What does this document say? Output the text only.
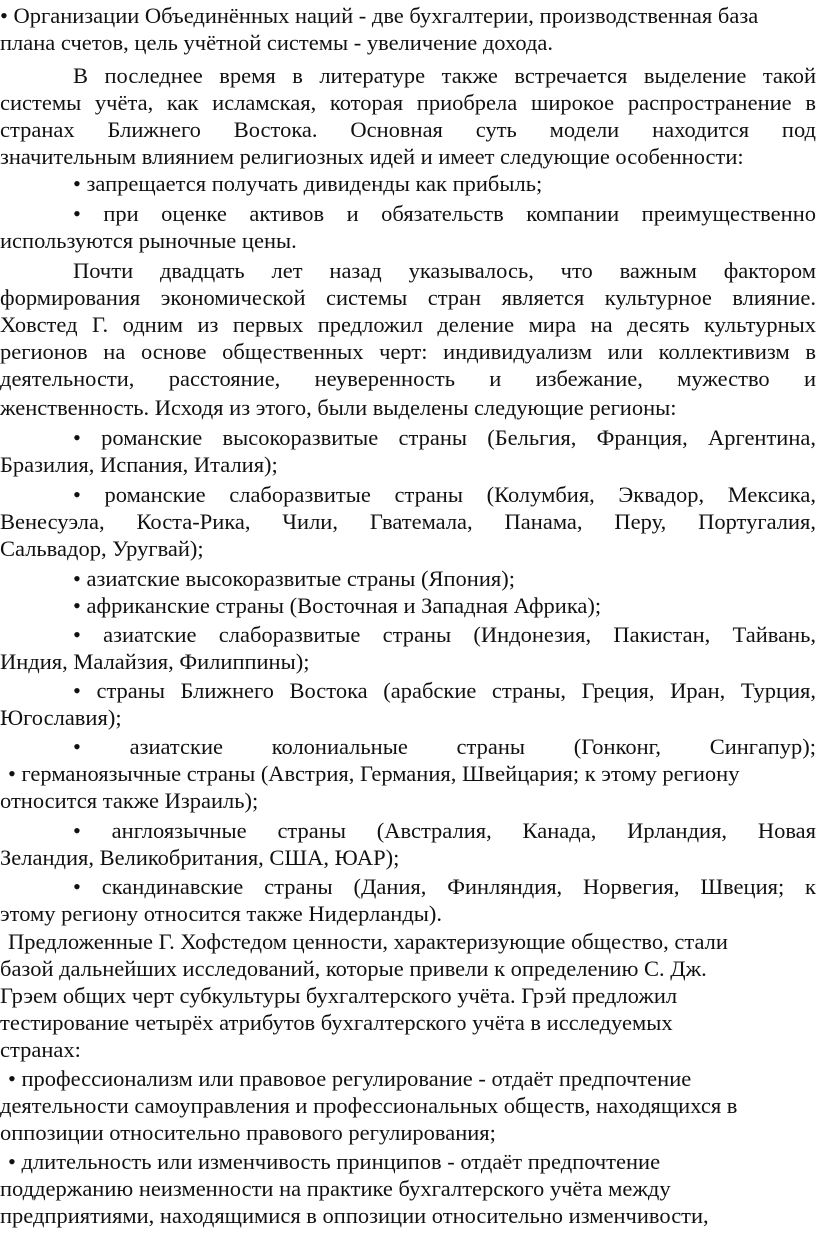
• Организации Объединённых наций - две бухгалтерии, производственная база
плана счетов, цель учётной системы - увеличение дохода.
В последнее время в литературе также встречается выделение такой
системы учёта, как исламская, которая приобрела широкое распространение в
странах Ближнего Востока. Основная суть модели находится под
значительным влиянием религиозных идей и имеет следующие особенности:
• запрещается получать дивиденды как прибыль;
• при оценке активов и обязательств компании преимущественно
используются рыночные цены.
Почти двадцать лет назад указывалось, что важным фактором
формирования экономической системы стран является культурное влияние.
Ховстед Г. одним из первых предложил деление мира на десять культурных
регионов на основе общественных черт: индивидуализм или коллективизм в
деятельности, расстояние, неуверенность и избежание, мужество и
женственность. Исходя из этого, были выделены следующие регионы:
• романские высокоразвитые страны (Бельгия, Франция, Аргентина,
Бразилия, Испания, Италия);
• романские слаборазвитые страны (Колумбия, Эквадор, Мексика,
Венесуэла, Коста-Рика, Чили, Гватемала, Панама, Перу, Португалия,
Сальвадор, Уругвай);
• азиатские высокоразвитые страны (Япония);
• африканские страны (Восточная и Западная Африка);
• азиатские слаборазвитые страны (Индонезия, Пакистан, Тайвань,
Индия, Малайзия, Филиппины);
• страны Ближнего Востока (арабские страны, Греция, Иран, Турция,
Югославия);
• азиатские колониальные страны (Гонконг, Сингапур);
• германоязычные страны (Австрия, Германия, Швейцария; к этому региону
относится также Израиль);
• англоязычные страны (Австралия, Канада, Ирландия, Новая
Зеландия, Великобритания, США, ЮАР);
• скандинавские страны (Дания, Финляндия, Норвегия, Швеция; к
этому региону относится также Нидерланды).
Предложенные Г. Хофстедом ценности, характеризующие общество, стали
базой дальнейших исследований, которые привели к определению С. Дж.
Грэем общих черт субкультуры бухгалтерского учёта. Грэй предложил
тестирование четырёх атрибутов бухгалтерского учёта в исследуемых
странах:
• профессионализм или правовое регулирование - отдаёт предпочтение
деятельности самоуправления и профессиональных обществ, находящихся в
оппозиции относительно правового регулирования;
• длительность или изменчивость принципов - отдаёт предпочтение
поддержанию неизменности на практике бухгалтерского учёта между
предприятиями, находящимися в оппозиции относительно изменчивости,
